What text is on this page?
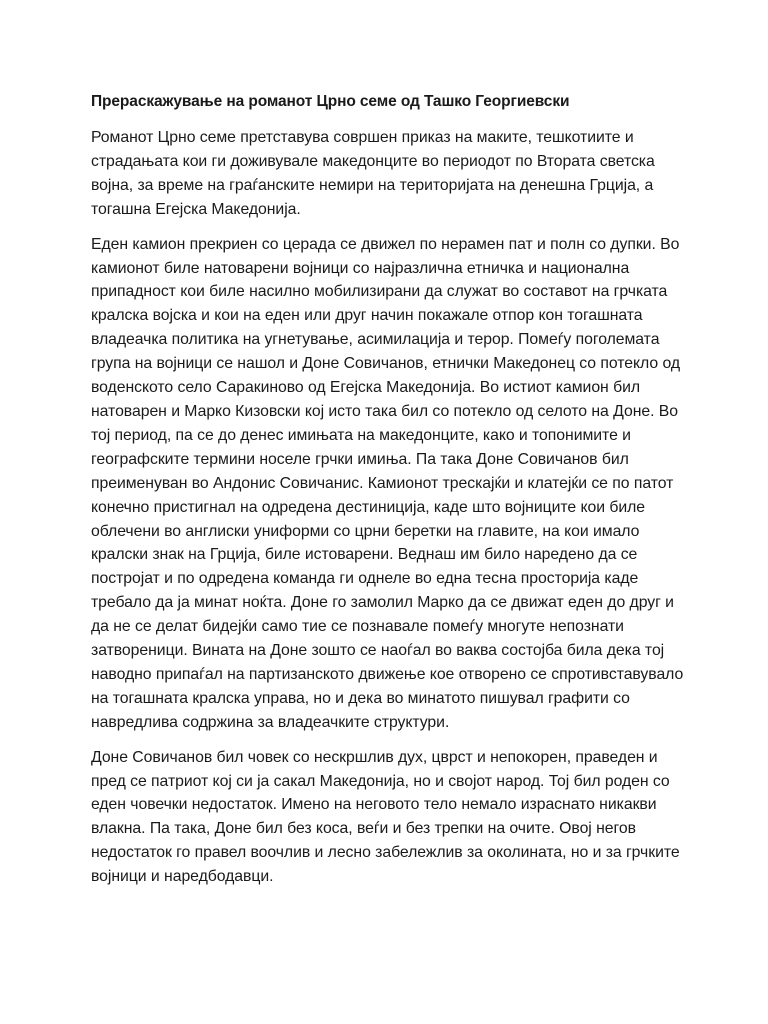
Прераскажување на романот Црно семе од Ташко Георгиевски

Романот Црно семе претставува совршен приказ на маките, тешкотиите и страдањата кои ги доживувале македонците во периодот по Втората светска војна, за време на граѓанските немири на територијата на денешна Грција, а тогашна Егејска Македонија.

Еден камион прекриен со церада се движел по нерамен пат и полн со дупки. Во камионот биле натоварени војници со најразлична етничка и национална припадност кои биле насилно мобилизирани да служат во составот на грчката кралска војска и кои на еден или друг начин покажале отпор кон тогашната владеачка политика на угнетување, асимилација и терор. Помеѓу поголемата група на војници се нашол и Доне Совичанов, етнички Македонец со потекло од воденското село Саракиново од Егејска Македонија. Во истиот камион бил натоварен и Марко Кизовски кој исто така бил со потекло од селото на Доне. Во тој период, па се до денес имињата на македонците, како и топонимите и географските термини носеле грчки имиња. Па така Доне Совичанов бил преименуван во Андонис Совичанис. Камионот трескајќи и клатејќи се по патот конечно пристигнал на одредена дестиниција, каде што војниците кои биле облечени во англиски униформи со црни беретки на главите, на кои имало кралски знак на Грција, биле истоварени. Веднаш им било наредено да се постројат и по одредена команда ги однеле во една тесна просторија каде требало да ја минат ноќта. Доне го замолил Марко да се движат еден до друг и да не се делат бидејќи само тие се познавале помеѓу многуте непознати затвореници. Вината на Доне зошто се наоѓал во ваква состојба била дека тој наводно припаѓал на партизанското движење кое отворено се спротивставувало на тогашната кралска управа, но и дека во минатото пишувал графити со навредлива содржина за владеачките структури.

Доне Совичанов бил човек со нескршлив дух, цврст и непокорен, праведен и пред се патриот кој си ја сакал Македонија, но и својот народ. Тој бил роден со еден човечки недостаток. Имено на неговото тело немало израснато никакви влакна. Па така, Доне бил без коса, веѓи и без трепки на очите. Овој негов недостаток го правел воочлив и лесно забележлив за околината, но и за грчките војници и наредбодавци.
